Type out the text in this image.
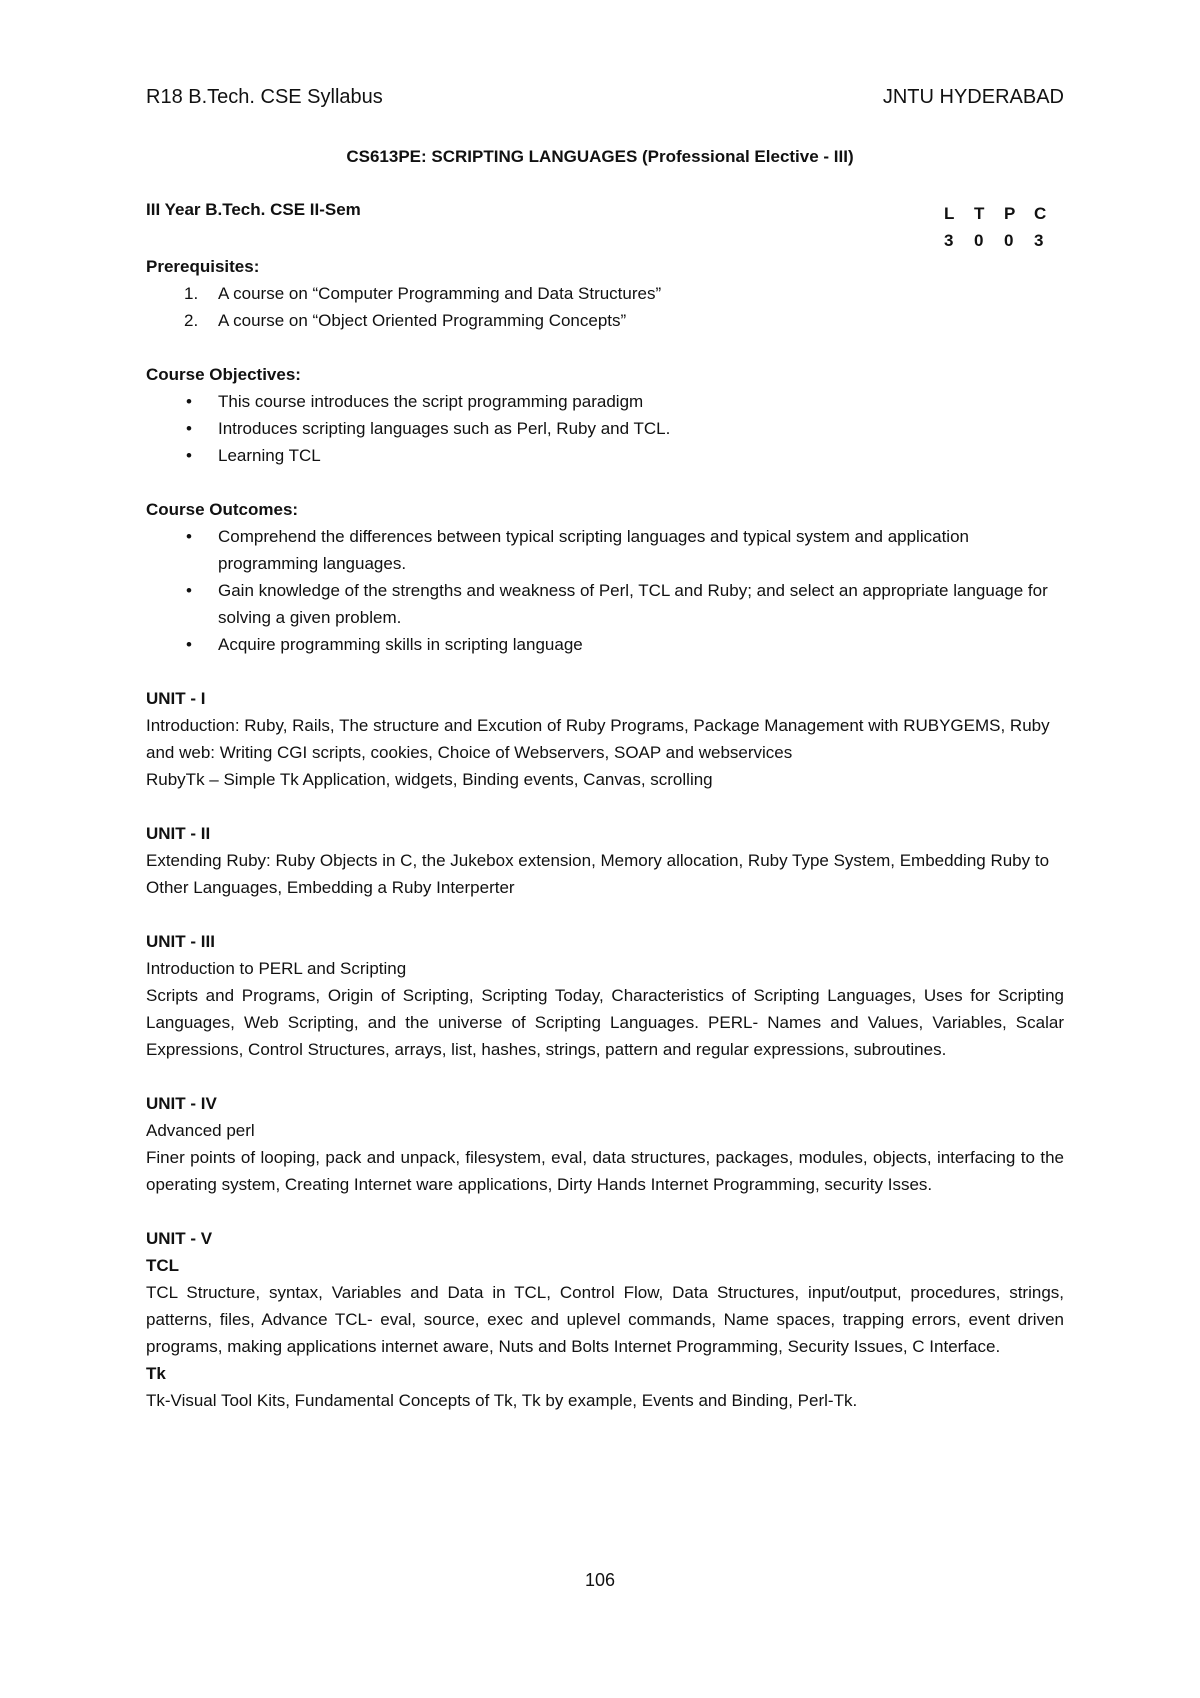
R18 B.Tech. CSE Syllabus	JNTU HYDERABAD
CS613PE: SCRIPTING LANGUAGES (Professional Elective - III)
III Year B.Tech. CSE II-Sem	L	T	P	C
3	0	0	3
Prerequisites:
1. A course on “Computer Programming and Data Structures”
2. A course on “Object Oriented Programming Concepts”
Course Objectives:
• This course introduces the script programming paradigm
• Introduces scripting languages such as Perl, Ruby and TCL.
• Learning TCL
Course Outcomes:
• Comprehend the differences between typical scripting languages and typical system and application programming languages.
• Gain knowledge of the strengths and weakness of Perl, TCL and Ruby; and select an appropriate language for solving a given problem.
• Acquire programming skills in scripting language
UNIT - I
Introduction: Ruby, Rails, The structure and Excution of Ruby Programs, Package Management with RUBYGEMS, Ruby and web: Writing CGI scripts, cookies, Choice of Webservers, SOAP and webservices
RubyTk – Simple Tk Application, widgets, Binding events, Canvas, scrolling
UNIT - II
Extending Ruby: Ruby Objects in C, the Jukebox extension, Memory allocation, Ruby Type System, Embedding Ruby to Other Languages, Embedding a Ruby Interperter
UNIT - III
Introduction to PERL and Scripting
Scripts and Programs, Origin of Scripting, Scripting Today, Characteristics of Scripting Languages, Uses for Scripting Languages, Web Scripting, and the universe of Scripting Languages. PERL- Names and Values, Variables, Scalar Expressions, Control Structures, arrays, list, hashes, strings, pattern and regular expressions, subroutines.
UNIT - IV
Advanced perl
Finer points of looping, pack and unpack, filesystem, eval, data structures, packages, modules, objects, interfacing to the operating system, Creating Internet ware applications, Dirty Hands Internet Programming, security Isses.
UNIT - V
TCL
TCL Structure, syntax, Variables and Data in TCL, Control Flow, Data Structures, input/output, procedures, strings, patterns, files, Advance TCL- eval, source, exec and uplevel commands, Name spaces, trapping errors, event driven programs, making applications internet aware, Nuts and Bolts Internet Programming, Security Issues, C Interface.
Tk
Tk-Visual Tool Kits, Fundamental Concepts of Tk, Tk by example, Events and Binding, Perl-Tk.
106
